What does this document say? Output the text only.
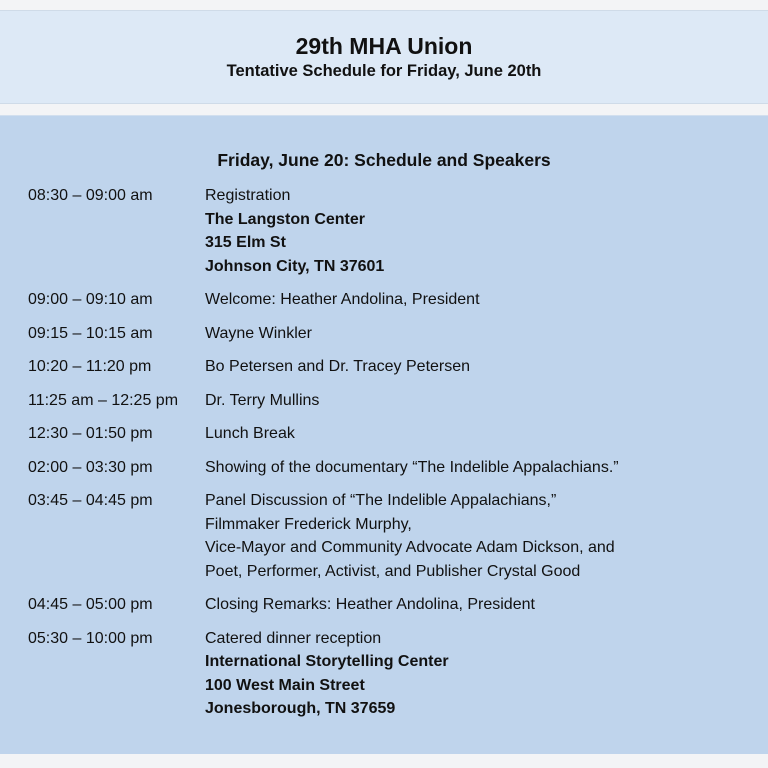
29th MHA Union
Tentative Schedule for Friday, June 20th
Friday, June 20: Schedule and Speakers
08:30 – 09:00 am	Registration
The Langston Center
315 Elm St
Johnson City, TN 37601
09:00 – 09:10 am	Welcome: Heather Andolina, President
09:15 – 10:15 am	Wayne Winkler
10:20 – 11:20 pm	Bo Petersen and Dr. Tracey Petersen
11:25 am – 12:25 pm	Dr. Terry Mullins
12:30 – 01:50 pm	Lunch Break
02:00 – 03:30 pm	Showing of the documentary “The Indelible Appalachians.”
03:45 – 04:45 pm	Panel Discussion of “The Indelible Appalachians,”
Filmmaker Frederick Murphy,
Vice-Mayor and Community Advocate Adam Dickson, and
Poet, Performer, Activist, and Publisher Crystal Good
04:45 – 05:00 pm	Closing Remarks: Heather Andolina, President
05:30 – 10:00 pm	Catered dinner reception
International Storytelling Center
100 West Main Street
Jonesborough, TN 37659
